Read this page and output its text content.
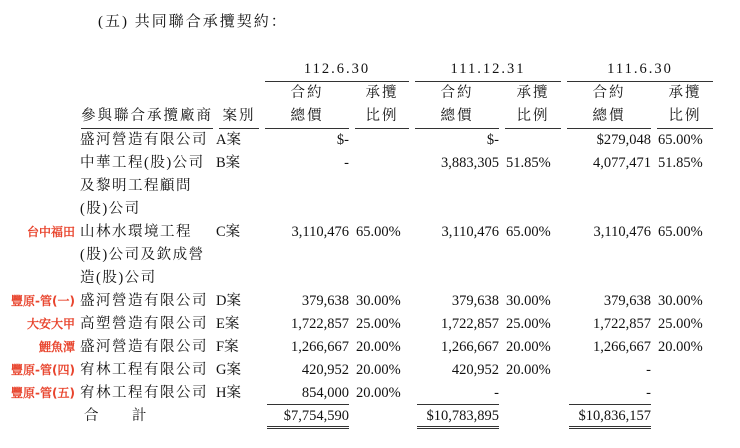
(五) 共同聯合承攬契約：

			112.6.30		111.12.31		111.6.30	

			合約	承攬	合約	承攬	合約	承攬

	參與聯合承攬廠商	案別	總價	比例	總價	比例	總價	比例

	盛河營造有限公司	A案	$-		$-		$279,048	65.00%
	中華工程(股)公司
及黎明工程顧問
(股)公司	B案	-		3,883,305	51.85%	4,077,471	51.85%
台中福田	山林水環境工程
(股)公司及欽成營
造(股)公司	C案	3,110,476	65.00%	3,110,476	65.00%	3,110,476	65.00%
豐原-管(一)	盛河營造有限公司	D案	379,638	30.00%	379,638	30.00%	379,638	30.00%
大安大甲	高塑營造有限公司	E案	1,722,857	25.00%	1,722,857	25.00%	1,722,857	25.00%
鯉魚潭	盛河營造有限公司	F案	1,266,667	20.00%	1,266,667	20.00%	1,266,667	20.00%
豐原-管(四)	宥林工程有限公司	G案	420,952	20.00%	420,952	20.00%	-	
豐原-管(五)	宥林工程有限公司	H案	854,000	20.00%	-		-	
	合　　計		$7,754,590		$10,783,895		$10,836,157	
